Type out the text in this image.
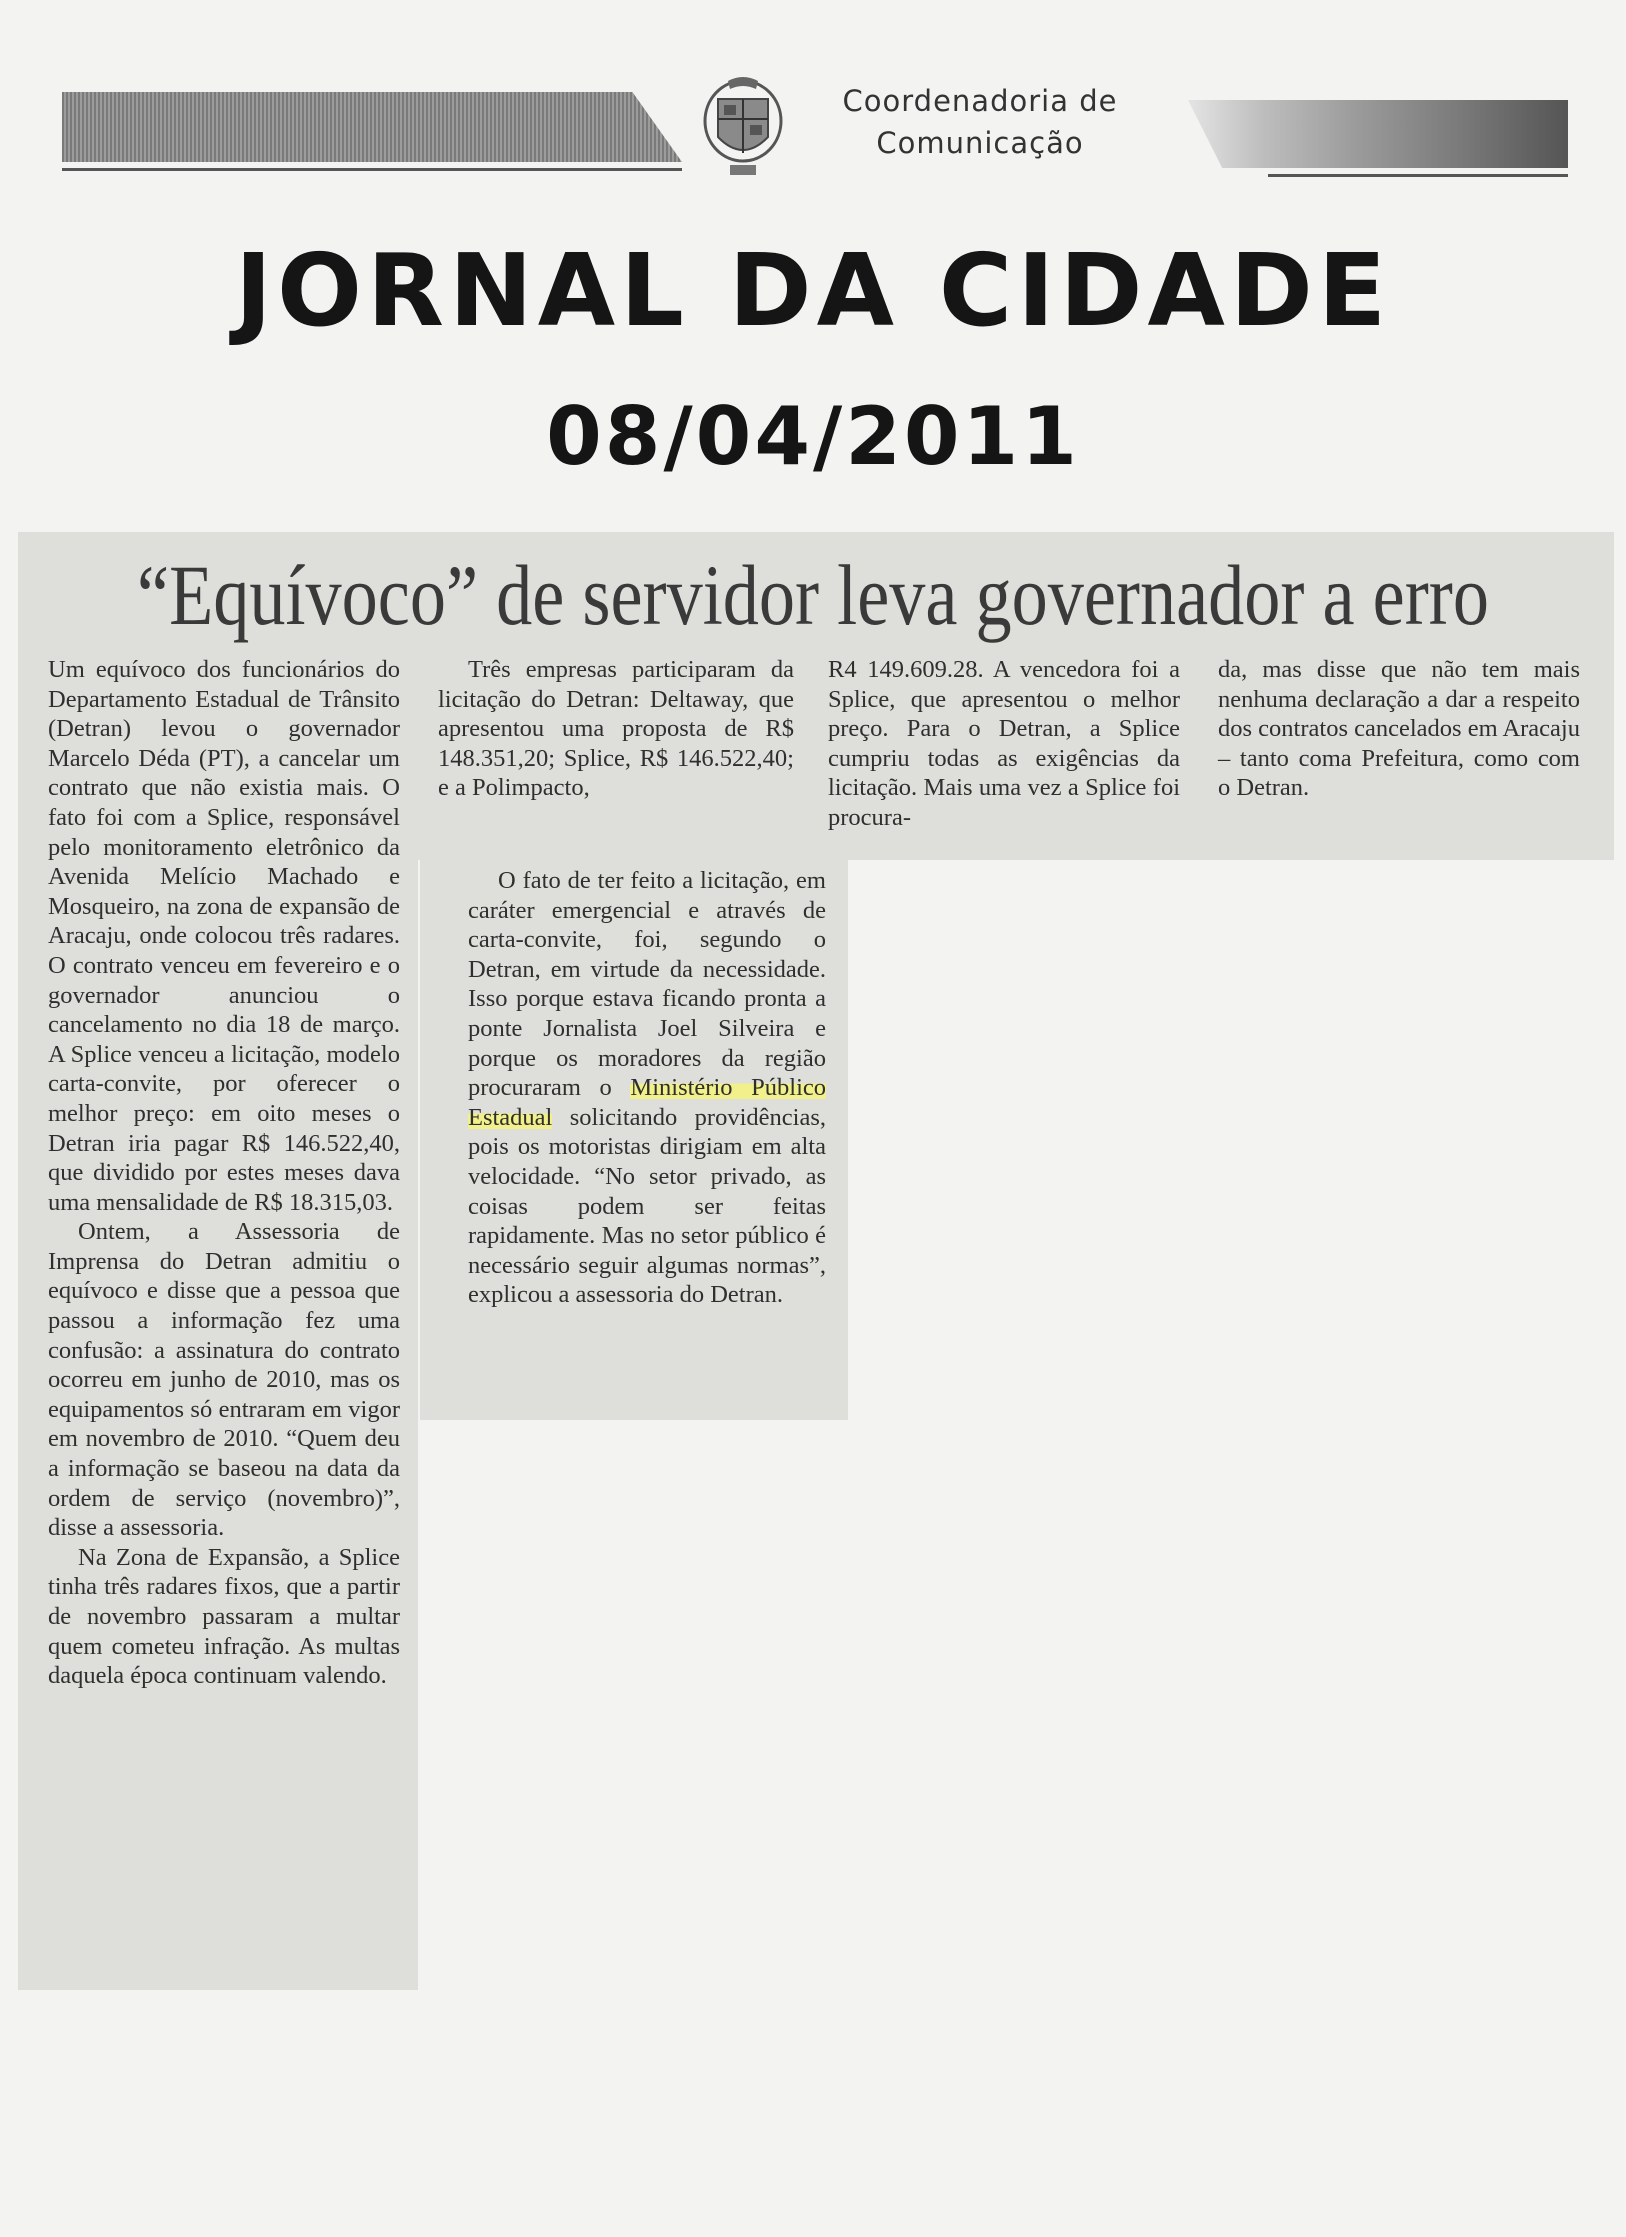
Coordenadoria de
Comunicação
JORNAL DA CIDADE
08/04/2011
“Equívoco” de servidor leva governador a erro

Um equívoco dos funcionários do Departamento Estadual de Trânsito (Detran) levou o governador Marcelo Déda (PT), a cancelar um contrato que não existia mais. O fato foi com a Splice, responsável pelo monitoramento eletrônico da Avenida Melício Machado e Mosqueiro, na zona de expansão de Aracaju, onde colocou três radares. O contrato venceu em fevereiro e o governador anunciou o cancelamento no dia 18 de março. A Splice venceu a licitação, modelo carta-convite, por oferecer o melhor preço: em oito meses o Detran iria pagar R$ 146.522,40, que dividido por estes meses dava uma mensalidade de R$ 18.315,03.

Ontem, a Assessoria de Imprensa do Detran admitiu o equívoco e disse que a pessoa que passou a informação fez uma confusão: a assinatura do contrato ocorreu em junho de 2010, mas os equipamentos só entraram em vigor em novembro de 2010. “Quem deu a informação se baseou na data da ordem de serviço (novembro)”, disse a assessoria.

Na Zona de Expansão, a Splice tinha três radares fixos, que a partir de novembro passaram a multar quem cometeu infração. As multas daquela época continuam valendo.

Três empresas participaram da licitação do Detran: Deltaway, que apresentou uma proposta de R$ 148.351,20; Splice, R$ 146.522,40; e a Polimpacto,

O fato de ter feito a licitação, em caráter emergencial e através de carta-convite, foi, segundo o Detran, em virtude da necessidade. Isso porque estava ficando pronta a ponte Jornalista Joel Silveira e porque os moradores da região procuraram o Ministério Público Estadual solicitando providências, pois os motoristas dirigiam em alta velocidade. “No setor privado, as coisas podem ser feitas rapidamente. Mas no setor público é necessário seguir algumas normas”, explicou a assessoria do Detran.

R4 149.609.28. A vencedora foi a Splice, que apresentou o melhor preço. Para o Detran, a Splice cumpriu todas as exigências da licitação. Mais uma vez a Splice foi procura-

da, mas disse que não tem mais nenhuma declaração a dar a respeito dos contratos cancelados em Aracaju – tanto coma Prefeitura, como com o Detran.
